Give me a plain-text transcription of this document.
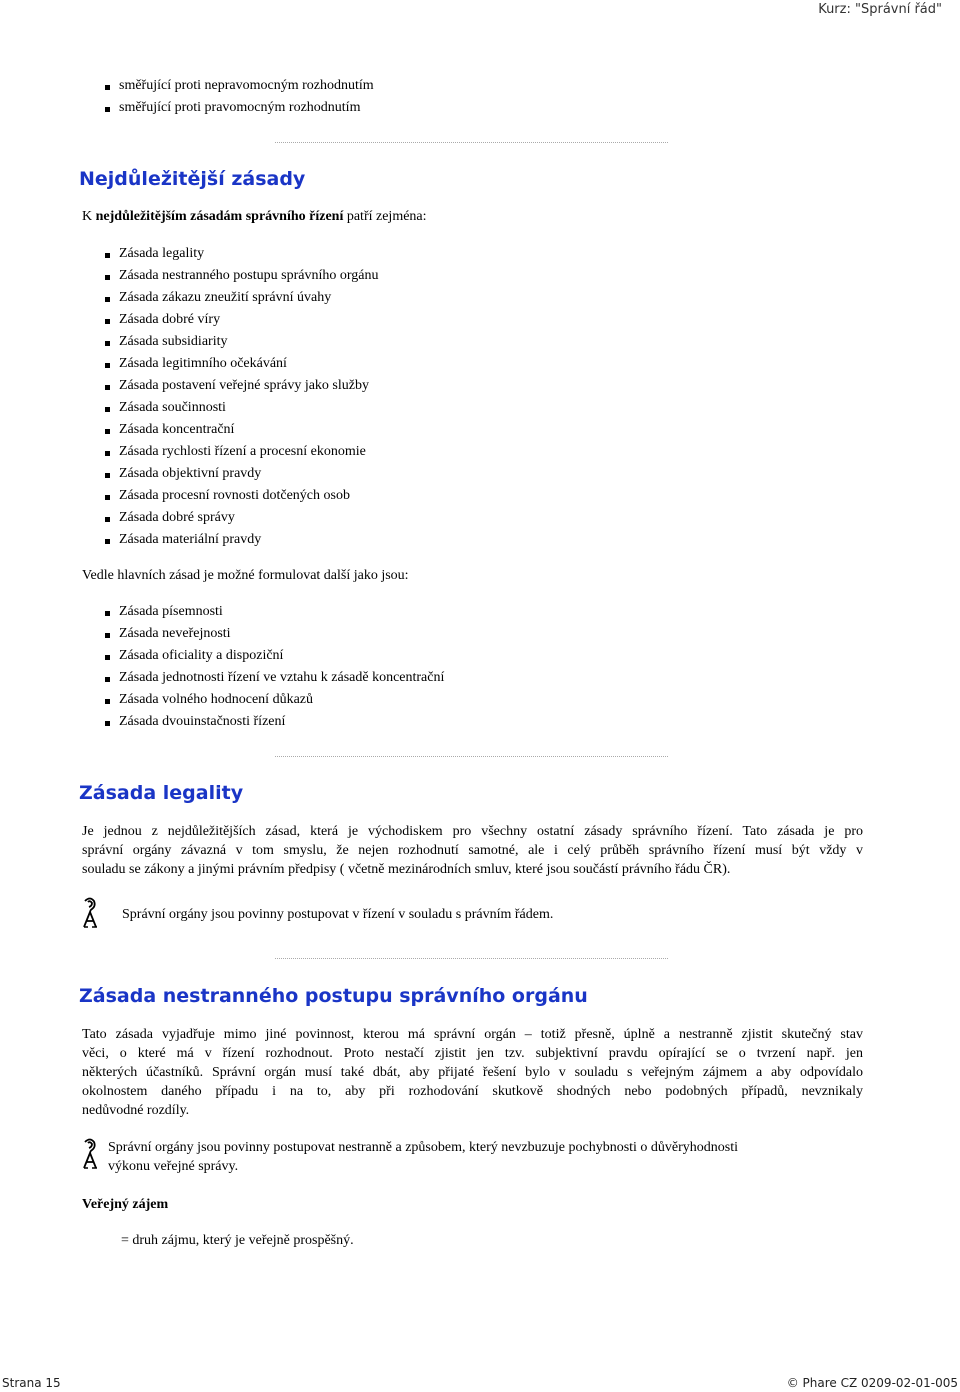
Kurz: "Správní řád"
směřující proti nepravomocným rozhodnutím
směřující proti pravomocným rozhodnutím
Nejdůležitější zásady

K nejdůležitějším zásadám správního řízení patří zejména:

Zásada legality
Zásada nestranného postupu správního orgánu
Zásada zákazu zneužití správní úvahy
Zásada dobré víry
Zásada subsidiarity
Zásada legitimního očekávání
Zásada postavení veřejné správy jako služby
Zásada součinnosti
Zásada koncentrační
Zásada rychlosti řízení a procesní ekonomie
Zásada objektivní pravdy
Zásada procesní rovnosti dotčených osob
Zásada dobré správy
Zásada materiální pravdy

Vedle hlavních zásad je možné formulovat další jako jsou:

Zásada písemnosti
Zásada neveřejnosti
Zásada oficiality a dispoziční
Zásada jednotnosti řízení ve vztahu k zásadě koncentrační
Zásada volného hodnocení důkazů
Zásada dvouinstačnosti řízení
Zásada legality
Je jednou z nejdůležitějších zásad, která je východiskem pro všechny ostatní zásady správního řízení. Tato zásada je pro
správní orgány závazná v tom smyslu, že nejen rozhodnutí samotné, ale i celý průběh správního řízení musí být vždy v
souladu se zákony a jinými právním předpisy ( včetně mezinárodních smluv, které jsou součástí právního řádu ČR).

Správní orgány jsou povinny postupovat v řízení v souladu s právním řádem.

Zásada nestranného postupu správního orgánu
Tato zásada vyjadřuje mimo jiné povinnost, kterou má správní orgán – totiž přesně, úplně a nestranně zjistit skutečný stav
věci, o které má v řízení rozhodnout. Proto nestačí zjistit jen tzv. subjektivní pravdu opírající se o tvrzení např. jen
některých účastníků. Správní orgán musí také dbát, aby přijaté řešení bylo v souladu s veřejným zájmem a aby odpovídalo
okolnostem daného případu i na to, aby při rozhodování skutkově shodných nebo podobných případů, nevznikaly
nedůvodné rozdíly.
Správní orgány jsou povinny postupovat nestranně a způsobem, který nevzbuzuje pochybnosti o důvěryhodnosti
výkonu veřejné správy.

Veřejný zájem

= druh zájmu, který je veřejně prospěšný.

Strana 15	© Phare CZ 0209-02-01-005
